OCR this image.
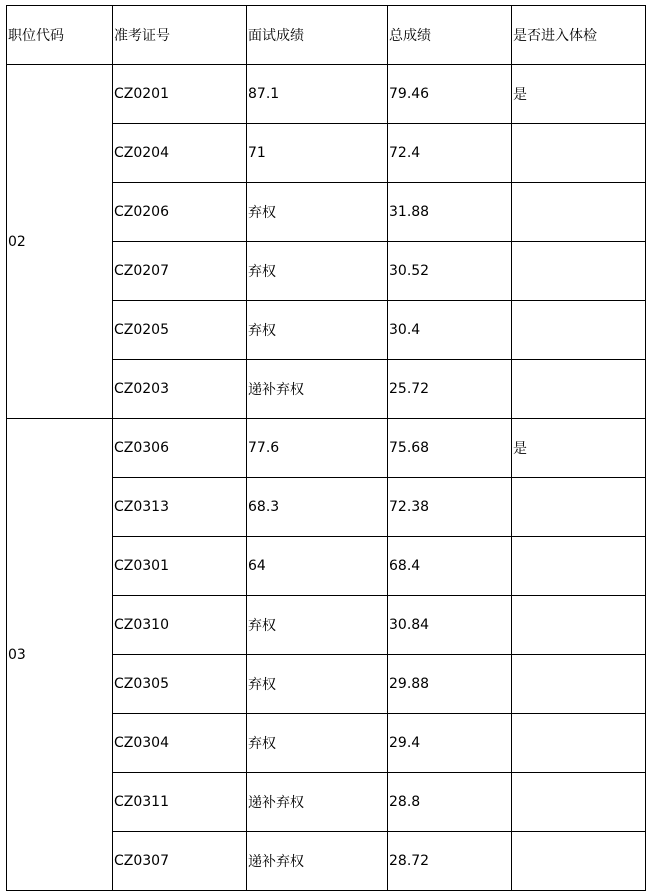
职位代码	准考证号	面试成绩	总成绩	是否进入体检
02	CZ0201	87.1	79.46	是
	CZ0204	71	72.4	
	CZ0206	弃权	31.88	
	CZ0207	弃权	30.52	
	CZ0205	弃权	30.4	
	CZ0203	递补弃权	25.72	
03	CZ0306	77.6	75.68	是
	CZ0313	68.3	72.38	
	CZ0301	64	68.4	
	CZ0310	弃权	30.84	
	CZ0305	弃权	29.88	
	CZ0304	弃权	29.4	
	CZ0311	递补弃权	28.8	
	CZ0307	递补弃权	28.72	
